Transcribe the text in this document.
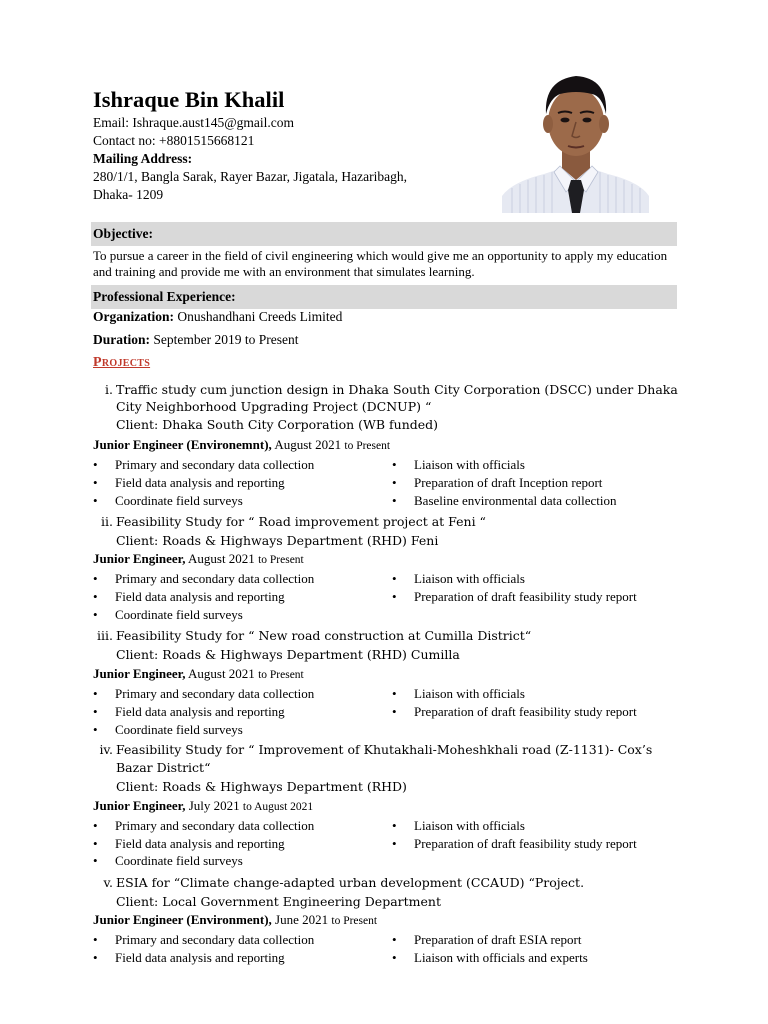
Ishraque Bin Khalil
Email: Ishraque.aust145@gmail.com
Contact no: +8801515668121
Mailing Address:
280/1/1, Bangla Sarak, Rayer Bazar, Jigatala, Hazaribagh,
Dhaka- 1209
Objective:
To pursue a career in the field of civil engineering which would give me an opportunity to apply my education and training and provide me with an environment that simulates learning.
Professional Experience:
Organization: Onushandhani Creeds Limited
Duration: September 2019 to Present
Projects
i. Traffic study cum junction design in Dhaka South City Corporation (DSCC) under Dhaka
City Neighborhood Upgrading Project (DCNUP) “
Client: Dhaka South City Corporation (WB funded)
Junior Engineer (Environemnt), August 2021 to Present
• Primary and secondary data collection
• Field data analysis and reporting
• Coordinate field surveys
• Liaison with officials
• Preparation of draft Inception report
• Baseline environmental data collection
ii. Feasibility Study for “ Road improvement project at Feni “
Client: Roads & Highways Department (RHD) Feni
Junior Engineer, August 2021 to Present
• Primary and secondary data collection
• Field data analysis and reporting
• Coordinate field surveys
• Liaison with officials
• Preparation of draft feasibility study report
iii. Feasibility Study for “ New road construction at Cumilla District“
Client: Roads & Highways Department (RHD) Cumilla
Junior Engineer, August 2021 to Present
• Primary and secondary data collection
• Field data analysis and reporting
• Coordinate field surveys
• Liaison with officials
• Preparation of draft feasibility study report
iv. Feasibility Study for “ Improvement of Khutakhali-Moheshkhali road (Z-1131)- Cox’s
Bazar District“
Client: Roads & Highways Department (RHD)
Junior Engineer, July 2021 to August 2021
• Primary and secondary data collection
• Field data analysis and reporting
• Coordinate field surveys
• Liaison with officials
• Preparation of draft feasibility study report
v. ESIA for “Climate change-adapted urban development (CCAUD) “Project.
Client: Local Government Engineering Department
Junior Engineer (Environment), June 2021 to Present
• Primary and secondary data collection
• Field data analysis and reporting
• Preparation of draft ESIA report
• Liaison with officials and experts
